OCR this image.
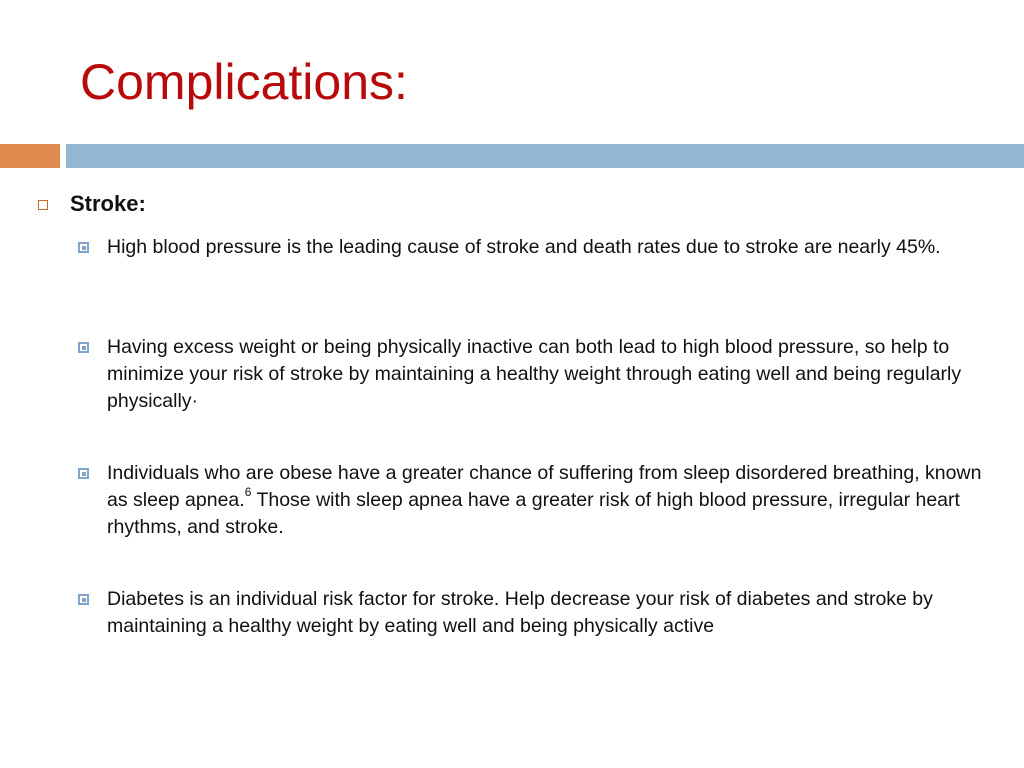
Complications:
Stroke:
High blood pressure is the leading cause of stroke and death rates due to stroke are nearly 45%.
Having excess weight or being physically inactive can both lead to high blood pressure, so help to minimize your risk of stroke by maintaining a healthy weight through eating well and being regularly physically·
Individuals who are obese have a greater chance of suffering from sleep disordered breathing, known as sleep apnea.$^6$ Those with sleep apnea have a greater risk of high blood pressure, irregular heart rhythms, and stroke.
Diabetes is an individual risk factor for stroke. Help decrease your risk of diabetes and stroke by maintaining a healthy weight by eating well and being physically active
